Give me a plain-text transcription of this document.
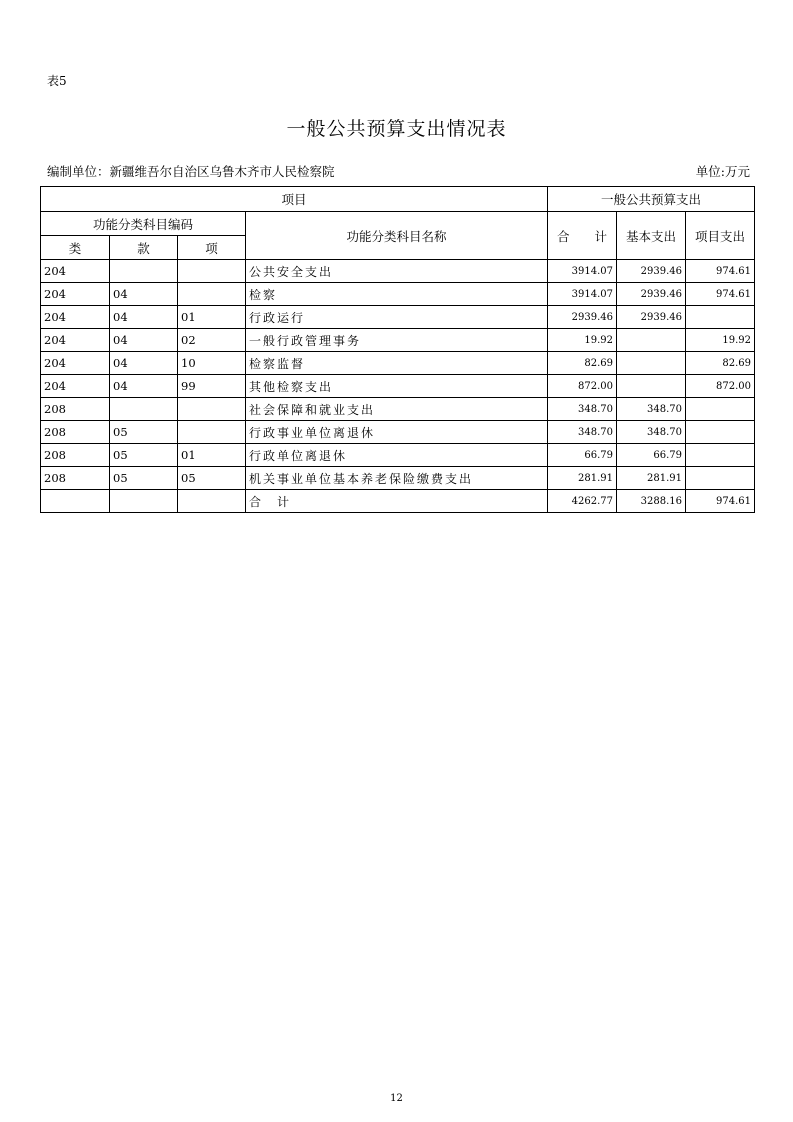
表5
一般公共预算支出情况表
编制单位：新疆维吾尔自治区乌鲁木齐市人民检察院	单位:万元
项目				一般公共预算支出		
功能分类科目编码			功能分类科目名称	合　　计	基本支出	项目支出
类	款	项				
204			公共安全支出	3914.07	2939.46	974.61
204	04		检察	3914.07	2939.46	974.61
204	04	01	行政运行	2939.46	2939.46	
204	04	02	一般行政管理事务	19.92		19.92
204	04	10	检察监督	82.69		82.69
204	04	99	其他检察支出	872.00		872.00
208			社会保障和就业支出	348.70	348.70	
208	05		行政事业单位离退休	348.70	348.70	
208	05	01	行政单位离退休	66.79	66.79	
208	05	05	机关事业单位基本养老保险缴费支出	281.91	281.91	
			合　计	4262.77	3288.16	974.61
12
